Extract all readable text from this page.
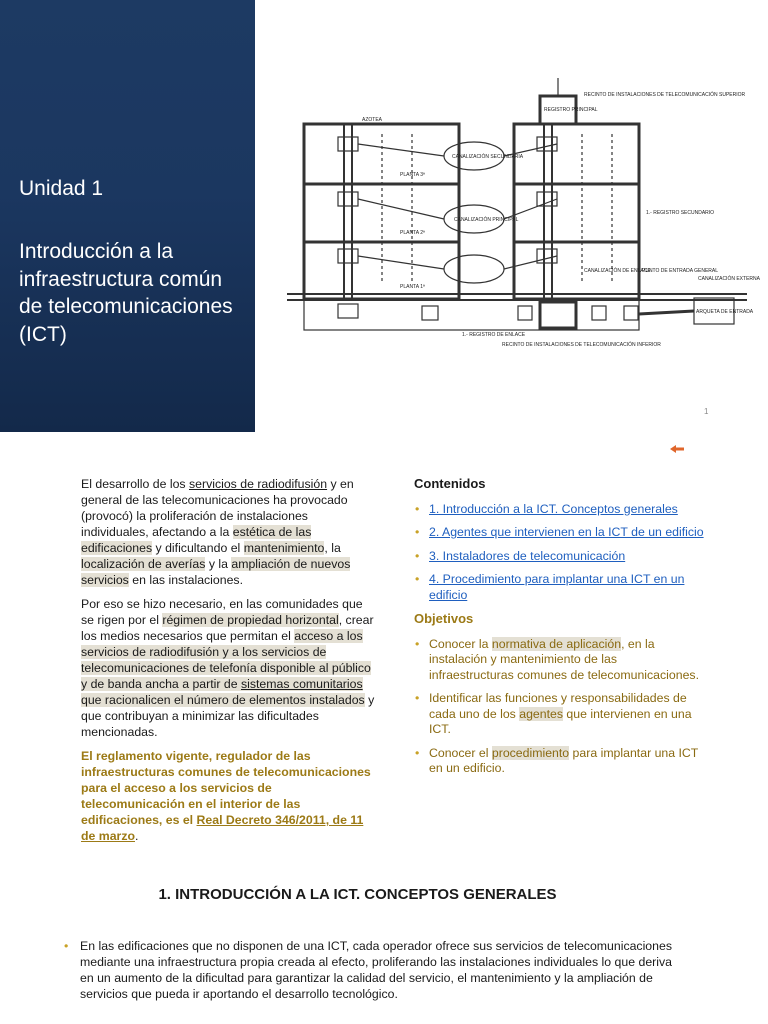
Unidad 1
Introducción a la infraestructura común de telecomunicaciones (ICT)
RECINTO DE INSTALACIONES DE TELECOMUNICACIÓN SUPERIOR
REGISTRO PRINCIPAL
AZOTEA
PLANTA 3ª
PLANTA 2ª
PLANTA 1ª
CANALIZACIÓN SECUNDARIA
CANALIZACIÓN PRINCIPAL
1.- REGISTRO SECUNDARIO
CANALIZACIÓN DE ENLACE
PUNTO DE ENTRADA GENERAL
CANALIZACIÓN EXTERNA
ARQUETA DE ENTRADA
1.- REGISTRO DE ENLACE
RECINTO DE INSTALACIONES DE TELECOMUNICACIÓN INFERIOR
1

El desarrollo de los servicios de radiodifusión y en general de las telecomunicaciones ha provocado (provocó) la proliferación de instalaciones individuales, afectando a la estética de las edificaciones y dificultando el mantenimiento, la localización de averías y la ampliación de nuevos servicios en las instalaciones.

Por eso se hizo necesario, en las comunidades que se rigen por el régimen de propiedad horizontal, crear los medios necesarios que permitan el acceso a los servicios de radiodifusión y a los servicios de telecomunicaciones de telefonía disponible al público y de banda ancha a partir de sistemas comunitarios que racionalicen el número de elementos instalados y que contribuyan a minimizar las dificultades mencionadas.

El reglamento vigente, regulador de las infraestructuras comunes de telecomunicaciones para el acceso a los servicios de telecomunicación en el interior de las edificaciones, es el Real Decreto 346/2011, de 11 de marzo.

Contenidos
• 1. Introducción a la ICT. Conceptos generales
• 2. Agentes que intervienen en la ICT de un edificio
• 3. Instaladores de telecomunicación
• 4. Procedimiento para implantar una ICT en un edificio
Objetivos
• Conocer la normativa de aplicación, en la instalación y mantenimiento de las infraestructuras comunes de telecomunicaciones.
• Identificar las funciones y responsabilidades de cada uno de los agentes que intervienen en una ICT.
• Conocer el procedimiento para implantar una ICT en un edificio.
1. INTRODUCCIÓN A LA ICT. CONCEPTOS GENERALES
• En las edificaciones que no disponen de una ICT, cada operador ofrece sus servicios de telecomunicaciones mediante una infraestructura propia creada al efecto, proliferando las instalaciones individuales lo que deriva en un aumento de la dificultad para garantizar la calidad del servicio, el mantenimiento y la ampliación de servicios que pueda ir aportando el desarrollo tecnológico.
